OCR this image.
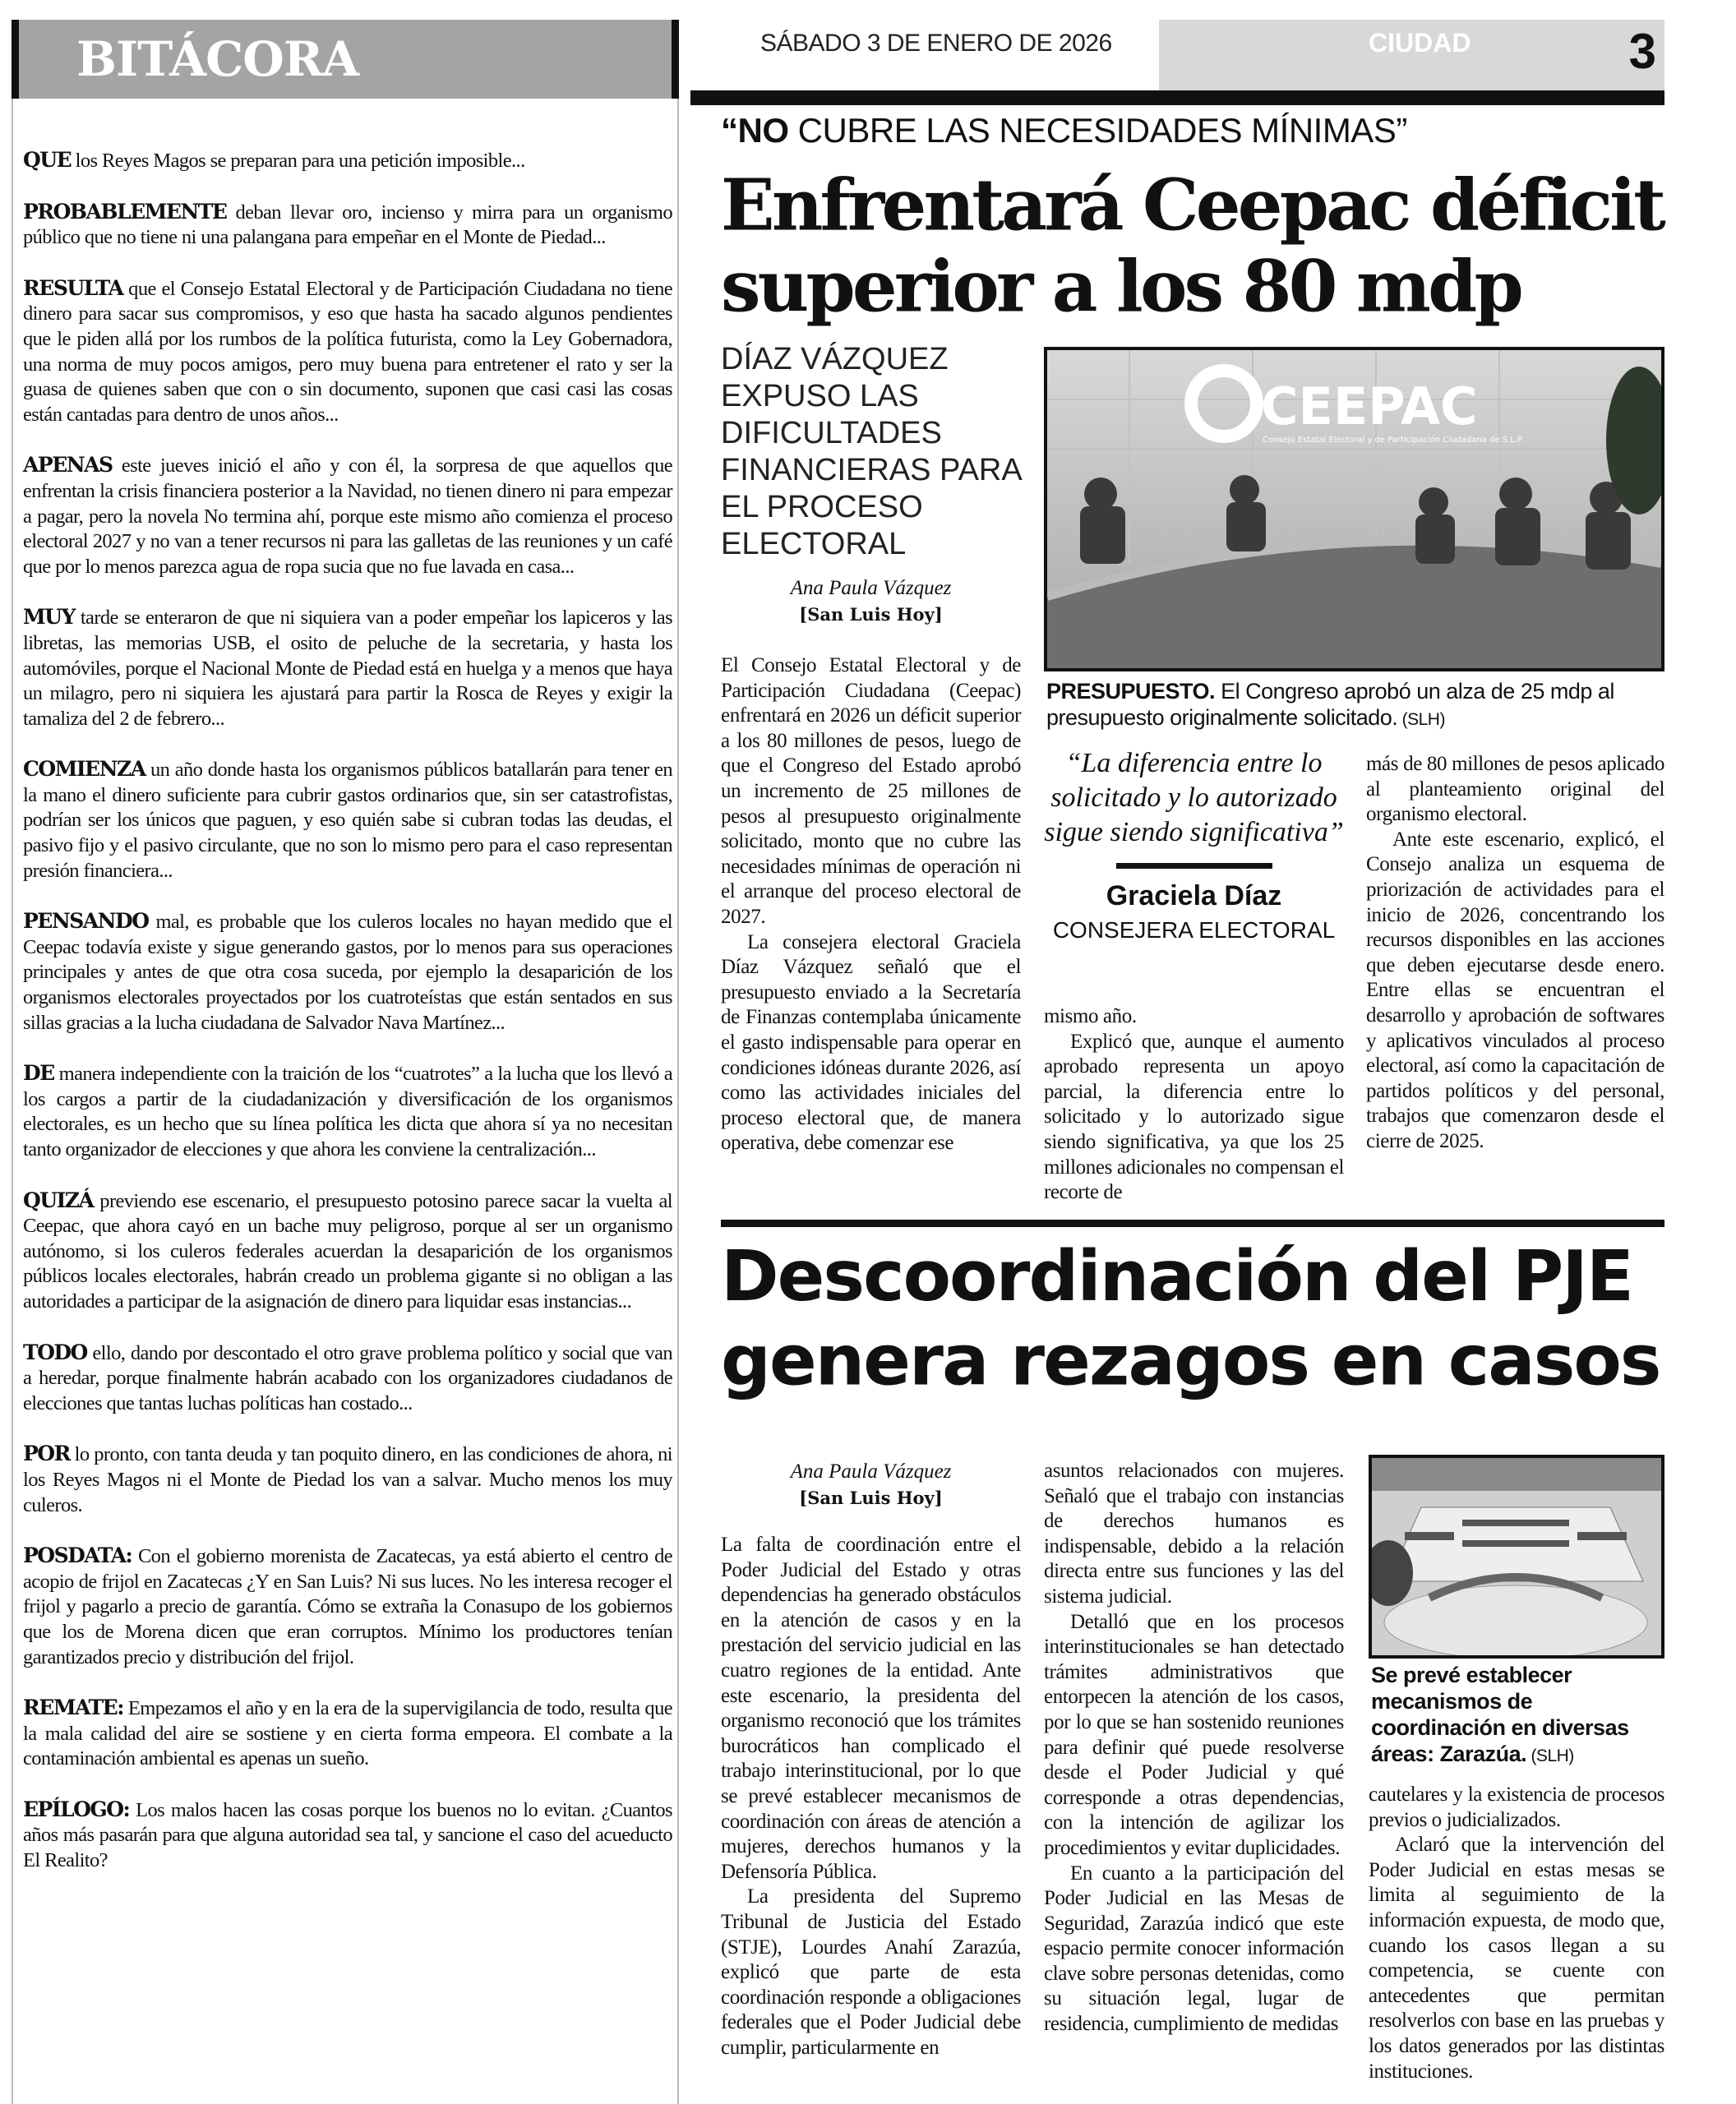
BITÁCORA

QUE los Reyes Magos se preparan para una petición imposible...

PROBABLEMENTE deban llevar oro, incienso y mirra para un organismo público que no tiene ni una palangana para empeñar en el Monte de Piedad...

RESULTA que el Consejo Estatal Electoral y de Participación Ciudadana no tiene dinero para sacar sus compromisos, y eso que hasta ha sacado algunos pendientes que le piden allá por los rumbos de la política futurista, como la Ley Gobernadora, una norma de muy pocos amigos, pero muy buena para entretener el rato y ser la guasa de quienes saben que con o sin documento, suponen que casi casi las cosas están cantadas para dentro de unos años...

APENAS este jueves inició el año y con él, la sorpresa de que aquellos que enfrentan la crisis financiera posterior a la Navidad, no tienen dinero ni para empezar a pagar, pero la novela No termina ahí, porque este mismo año comienza el proceso electoral 2027 y no van a tener recursos ni para las galletas de las reuniones y un café que por lo menos parezca agua de ropa sucia que no fue lavada en casa...

MUY tarde se enteraron de que ni siquiera van a poder empeñar los lapiceros y las libretas, las memorias USB, el osito de peluche de la secretaria, y hasta los automóviles, porque el Nacional Monte de Piedad está en huelga y a menos que haya un milagro, pero ni siquiera les ajustará para partir la Rosca de Reyes y exigir la tamaliza del 2 de febrero...

COMIENZA un año donde hasta los organismos públicos batallarán para tener en la mano el dinero suficiente para cubrir gastos ordinarios que, sin ser catastrofistas, podrían ser los únicos que paguen, y eso quién sabe si cubran todas las deudas, el pasivo fijo y el pasivo circulante, que no son lo mismo pero para el caso representan presión financiera...

PENSANDO mal, es probable que los culeros locales no hayan medido que el Ceepac todavía existe y sigue generando gastos, por lo menos para sus operaciones principales y antes de que otra cosa suceda, por ejemplo la desaparición de los organismos electorales proyectados por los cuatroteístas que están sentados en sus sillas gracias a la lucha ciudadana de Salvador Nava Martínez...

DE manera independiente con la traición de los “cuatrotes” a la lucha que los llevó a los cargos a partir de la ciudadanización y diversificación de los organismos electorales, es un hecho que su línea política les dicta que ahora sí ya no necesitan tanto organizador de elecciones y que ahora les conviene la centralización...

QUIZÁ previendo ese escenario, el presupuesto potosino parece sacar la vuelta al Ceepac, que ahora cayó en un bache muy peligroso, porque al ser un organismo autónomo, si los culeros federales acuerdan la desaparición de los organismos públicos locales electorales, habrán creado un problema gigante si no obligan a las autoridades a participar de la asignación de dinero para liquidar esas instancias...

TODO ello, dando por descontado el otro grave problema político y social que van a heredar, porque finalmente habrán acabado con los organizadores ciudadanos de elecciones que tantas luchas políticas han costado...

POR lo pronto, con tanta deuda y tan poquito dinero, en las condiciones de ahora, ni los Reyes Magos ni el Monte de Piedad los van a salvar. Mucho menos los muy culeros.

POSDATA: Con el gobierno morenista de Zacatecas, ya está abierto el centro de acopio de frijol en Zacatecas ¿Y en San Luis? Ni sus luces. No les interesa recoger el frijol y pagarlo a precio de garantía. Cómo se extraña la Conasupo de los gobiernos que los de Morena dicen que eran corruptos. Mínimo los productores tenían garantizados precio y distribución del frijol.

REMATE: Empezamos el año y en la era de la supervigilancia de todo, resulta que la mala calidad del aire se sostiene y en cierta forma empeora. El combate a la contaminación ambiental es apenas un sueño.

EPÍLOGO: Los malos hacen las cosas porque los buenos no lo evitan. ¿Cuantos años más pasarán para que alguna autoridad sea tal, y sancione el caso del acueducto El Realito?

SÁBADO 3 DE ENERO DE 2026	CIUDAD	3
“NO CUBRE LAS NECESIDADES MÍNIMAS”
Enfrentará Ceepac déficit superior a los 80 mdp
DÍAZ VÁZQUEZ EXPUSO LAS DIFICULTADES FINANCIERAS PARA EL PROCESO ELECTORAL
Ana Paula Vázquez
[San Luis Hoy]
CEEPAC
Consejo Estatal Electoral y de Participación Ciudadana de S.L.P.
PRESUPUESTO. El Congreso aprobó un alza de 25 mdp al presupuesto originalmente solicitado. (SLH)

El Consejo Estatal Electoral y de Participación Ciudadana (Ceepac) enfrentará en 2026 un déficit superior a los 80 millones de pesos, luego de que el Congreso del Estado aprobó un incremento de 25 millones de pesos al presupuesto originalmente solicitado, monto que no cubre las necesidades mínimas de operación ni el arranque del proceso electoral de 2027.

La consejera electoral Graciela Díaz Vázquez señaló que el presupuesto enviado a la Secretaría de Finanzas contemplaba únicamente el gasto indispensable para operar en condiciones idóneas durante 2026, así como las actividades iniciales del proceso electoral que, de manera operativa, debe comenzar ese

“La diferencia entre lo solicitado y lo autorizado sigue siendo significativa”
Graciela Díaz
CONSEJERA ELECTORAL

mismo año.

Explicó que, aunque el aumento aprobado representa un apoyo parcial, la diferencia entre lo solicitado y lo autorizado sigue siendo significativa, ya que los 25 millones adicionales no compensan el recorte de

más de 80 millones de pesos aplicado al planteamiento original del organismo electoral.

Ante este escenario, explicó, el Consejo analiza un esquema de priorización de actividades para el inicio de 2026, concentrando los recursos disponibles en las acciones que deben ejecutarse desde enero. Entre ellas se encuentran el desarrollo y aprobación de softwares y aplicativos vinculados al proceso electoral, así como la capacitación de partidos políticos y del personal, trabajos que comenzaron desde el cierre de 2025.

Descoordinación del PJE genera rezagos en casos
Ana Paula Vázquez
[San Luis Hoy]

La falta de coordinación entre el Poder Judicial del Estado y otras dependencias ha generado obstáculos en la atención de casos y en la prestación del servicio judicial en las cuatro regiones de la entidad. Ante este escenario, la presidenta del organismo reconoció que los trámites burocráticos han complicado el trabajo interinstitucional, por lo que se prevé establecer mecanismos de coordinación con áreas de atención a mujeres, derechos humanos y la Defensoría Pública.

La presidenta del Supremo Tribunal de Justicia del Estado (STJE), Lourdes Anahí Zarazúa, explicó que parte de esta coordinación responde a obligaciones federales que el Poder Judicial debe cumplir, particularmente en

asuntos relacionados con mujeres. Señaló que el trabajo con instancias de derechos humanos es indispensable, debido a la relación directa entre sus funciones y las del sistema judicial.

Detalló que en los procesos interinstitucionales se han detectado trámites administrativos que entorpecen la atención de los casos, por lo que se han sostenido reuniones para definir qué puede resolverse desde el Poder Judicial y qué corresponde a otras dependencias, con la intención de agilizar los procedimientos y evitar duplicidades.

En cuanto a la participación del Poder Judicial en las Mesas de Seguridad, Zarazúa indicó que este espacio permite conocer información clave sobre personas detenidas, como su situación legal, lugar de residencia, cumplimiento de medidas

Se prevé establecer mecanismos de coordinación en diversas áreas: Zarazúa. (SLH)

cautelares y la existencia de procesos previos o judicializados.

Aclaró que la intervención del Poder Judicial en estas mesas se limita al seguimiento de la información expuesta, de modo que, cuando los casos llegan a su competencia, se cuente con antecedentes que permitan resolverlos con base en las pruebas y los datos generados por las distintas instituciones.
